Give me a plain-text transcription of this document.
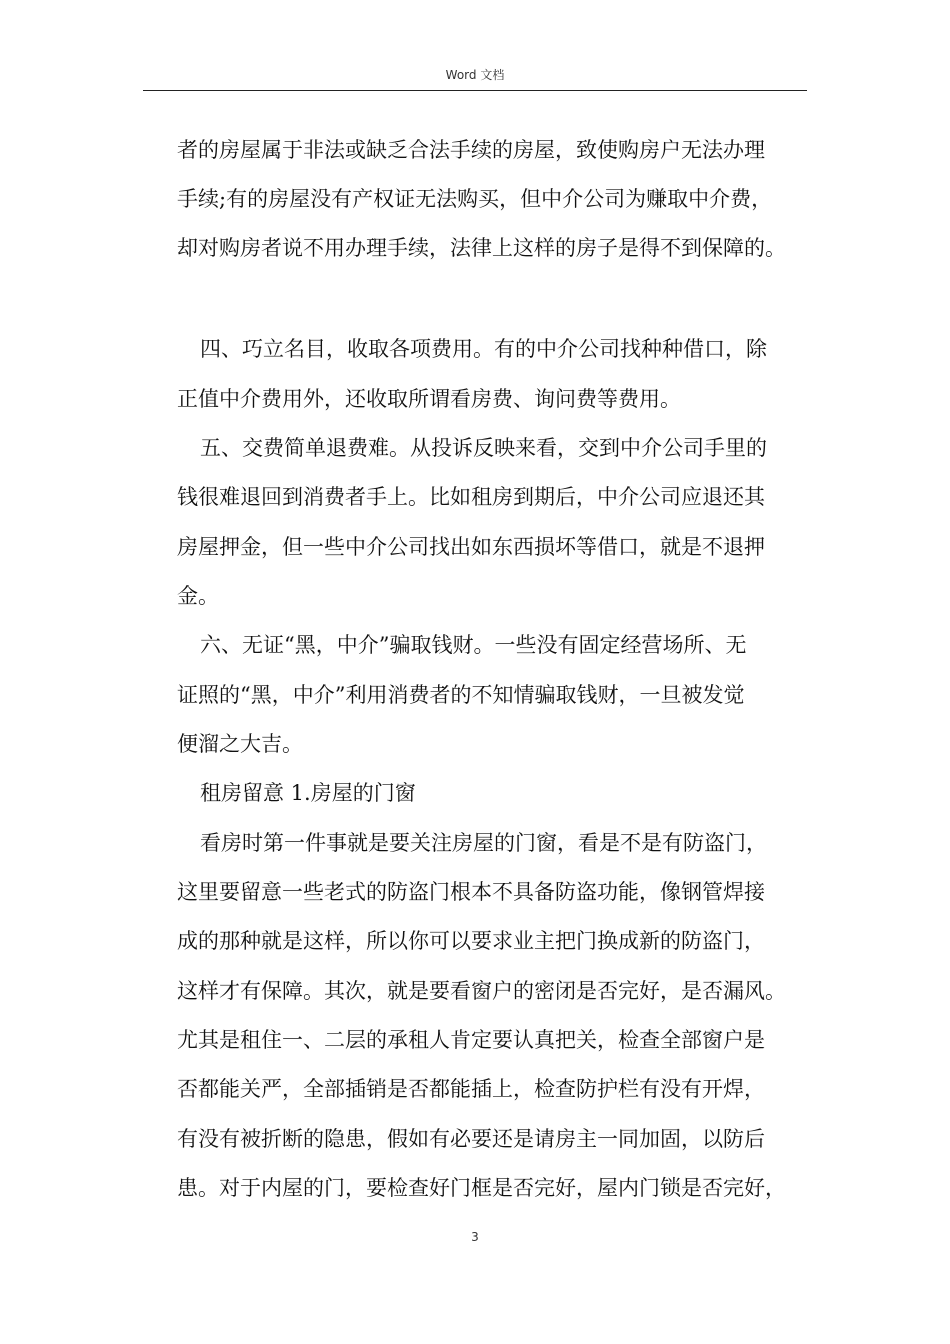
Word 文档
者的房屋属于非法或缺乏合法手续的房屋，致使购房户无法办理
手续;有的房屋没有产权证无法购买，但中介公司为赚取中介费，
却对购房者说不用办理手续，法律上这样的房子是得不到保障的。
四、巧立名目，收取各项费用。有的中介公司找种种借口，除
正值中介费用外，还收取所谓看房费、询问费等费用。
五、交费简单退费难。从投诉反映来看，交到中介公司手里的
钱很难退回到消费者手上。比如租房到期后，中介公司应退还其
房屋押金，但一些中介公司找出如东西损坏等借口，就是不退押
金。
六、无证“黑，中介”骗取钱财。一些没有固定经营场所、无
证照的“黑，中介”利用消费者的不知情骗取钱财，一旦被发觉
便溜之大吉。
租房留意 1.房屋的门窗
看房时第一件事就是要关注房屋的门窗，看是不是有防盗门，
这里要留意一些老式的防盗门根本不具备防盗功能，像钢管焊接
成的那种就是这样，所以你可以要求业主把门换成新的防盗门，
这样才有保障。其次，就是要看窗户的密闭是否完好，是否漏风。
尤其是租住一、二层的承租人肯定要认真把关，检查全部窗户是
否都能关严，全部插销是否都能插上，检查防护栏有没有开焊，
有没有被折断的隐患，假如有必要还是请房主一同加固，以防后
患。对于内屋的门，要检查好门框是否完好，屋内门锁是否完好，
3
